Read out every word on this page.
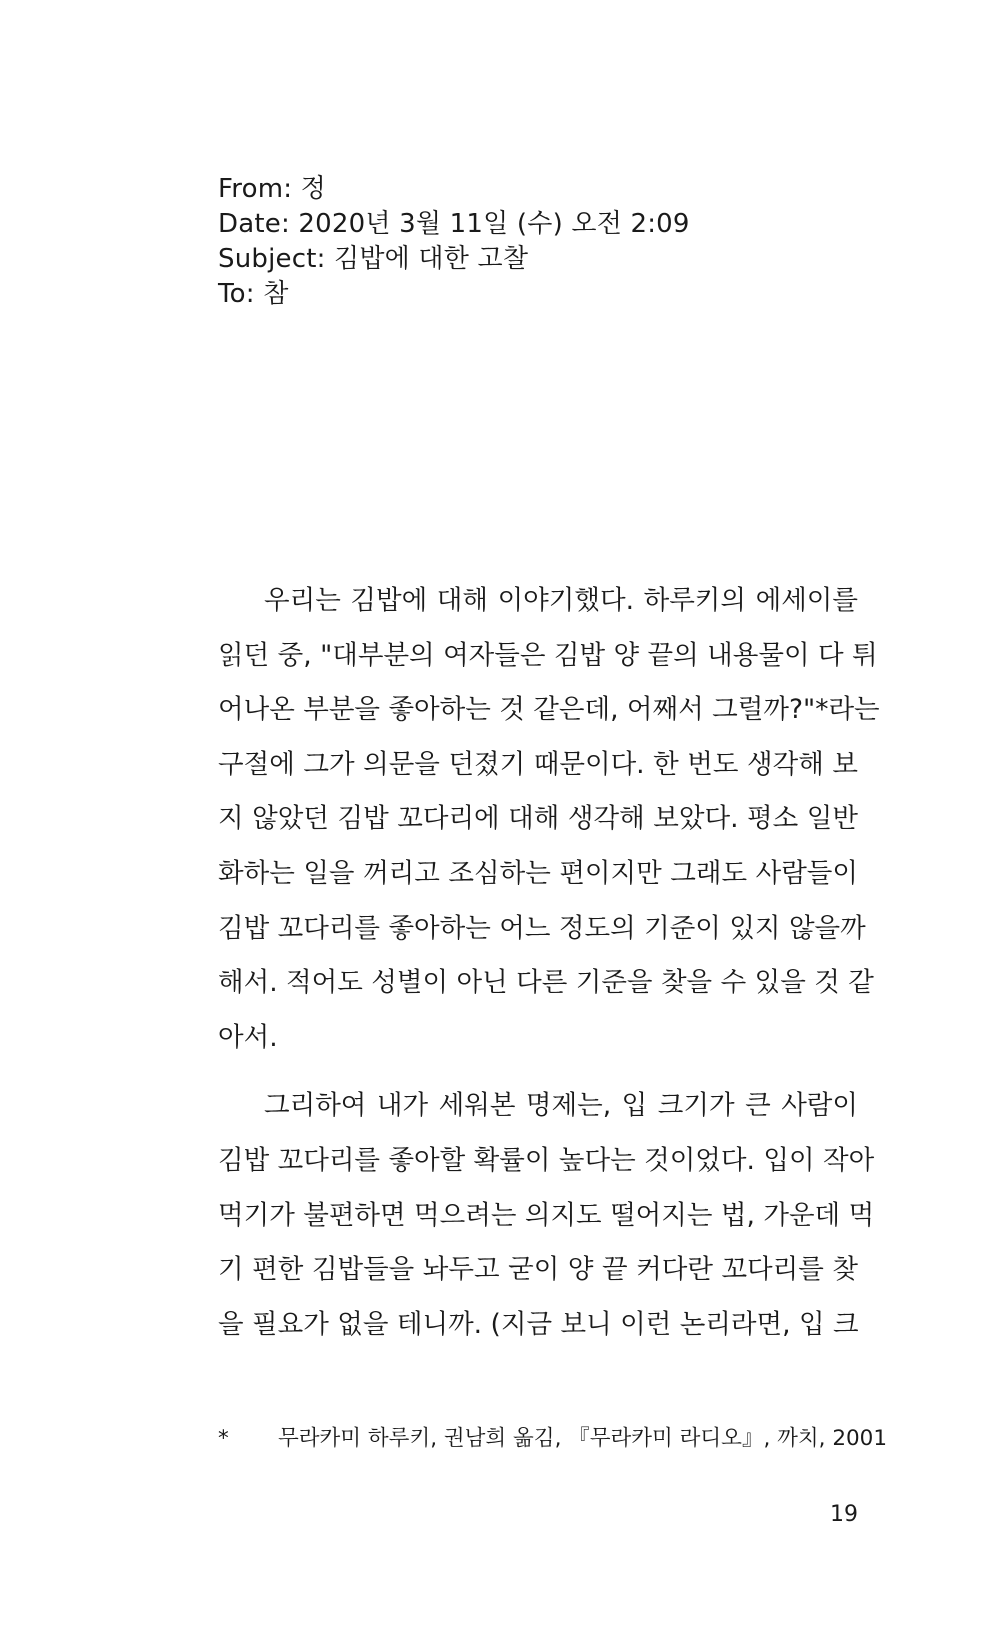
From: 정
Date: 2020년 3월 11일 (수) 오전 2:09
Subject: 김밥에 대한 고찰
To: 참

우리는 김밥에 대해 이야기했다. 하루키의 에세이를
읽던 중, "대부분의 여자들은 김밥 양 끝의 내용물이 다 튀
어나온 부분을 좋아하는 것 같은데, 어째서 그럴까?"*라는
구절에 그가 의문을 던졌기 때문이다. 한 번도 생각해 보
지 않았던 김밥 꼬다리에 대해 생각해 보았다. 평소 일반
화하는 일을 꺼리고 조심하는 편이지만 그래도 사람들이
김밥 꼬다리를 좋아하는 어느 정도의 기준이 있지 않을까
해서. 적어도 성별이 아닌 다른 기준을 찾을 수 있을 것 같
아서.

그리하여 내가 세워본 명제는, 입 크기가 큰 사람이
김밥 꼬다리를 좋아할 확률이 높다는 것이었다. 입이 작아
먹기가 불편하면 먹으려는 의지도 떨어지는 법, 가운데 먹
기 편한 김밥들을 놔두고 굳이 양 끝 커다란 꼬다리를 찾
을 필요가 없을 테니까. (지금 보니 이런 논리라면, 입 크

* 무라카미 하루키, 권남희 옮김, 『무라카미 라디오』, 까치, 2001
19
